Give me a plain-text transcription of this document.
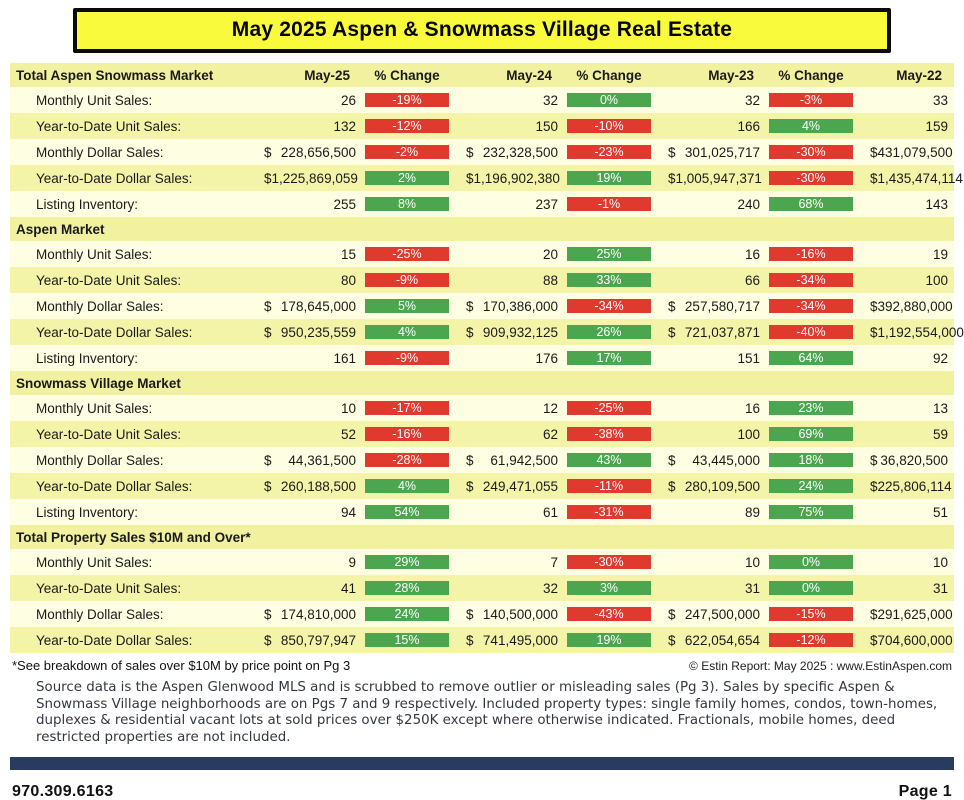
May 2025 Aspen & Snowmass Village Real Estate
Total Aspen Snowmass Market	May-25	% Change	May-24	% Change	May-23	% Change	May-22
Monthly Unit Sales:	26	-19%	32	0%	32	-3%	33
Year-to-Date Unit Sales:	132	-12%	150	-10%	166	4%	159
Monthly Dollar Sales:	$ 228,656,500	-2%	$ 232,328,500	-23%	$ 301,025,717	-30%	$ 431,079,500
Year-to-Date Dollar Sales:	$ 1,225,869,059	2%	$ 1,196,902,380	19%	$ 1,005,947,371	-30%	$ 1,435,474,114
Listing Inventory:	255	8%	237	-1%	240	68%	143
Aspen Market
Monthly Unit Sales:	15	-25%	20	25%	16	-16%	19
Year-to-Date Unit Sales:	80	-9%	88	33%	66	-34%	100
Monthly Dollar Sales:	$ 178,645,000	5%	$ 170,386,000	-34%	$ 257,580,717	-34%	$ 392,880,000
Year-to-Date Dollar Sales:	$ 950,235,559	4%	$ 909,932,125	26%	$ 721,037,871	-40%	$ 1,192,554,000
Listing Inventory:	161	-9%	176	17%	151	64%	92
Snowmass Village Market
Monthly Unit Sales:	10	-17%	12	-25%	16	23%	13
Year-to-Date Unit Sales:	52	-16%	62	-38%	100	69%	59
Monthly Dollar Sales:	$ 44,361,500	-28%	$ 61,942,500	43%	$ 43,445,000	18%	$ 36,820,500
Year-to-Date Dollar Sales:	$ 260,188,500	4%	$ 249,471,055	-11%	$ 280,109,500	24%	$ 225,806,114
Listing Inventory:	94	54%	61	-31%	89	75%	51
Total Property Sales $10M and Over*
Monthly Unit Sales:	9	29%	7	-30%	10	0%	10
Year-to-Date Unit Sales:	41	28%	32	3%	31	0%	31
Monthly Dollar Sales:	$ 174,810,000	24%	$ 140,500,000	-43%	$ 247,500,000	-15%	$ 291,625,000
Year-to-Date Dollar Sales:	$ 850,797,947	15%	$ 741,495,000	19%	$ 622,054,654	-12%	$ 704,600,000
*See breakdown of sales over $10M by price point on Pg 3	© Estin Report: May 2025 : www.EstinAspen.com

Source data is the Aspen Glenwood MLS and is scrubbed to remove outlier or misleading sales (Pg 3). Sales by specific Aspen & Snowmass Village neighborhoods are on Pgs 7 and 9 respectively. Included property types: single family homes, condos, town-homes, duplexes & residential vacant lots at sold prices over $250K except where otherwise indicated. Fractionals, mobile homes, deed restricted properties are not included.

970.309.6163	Page 1
